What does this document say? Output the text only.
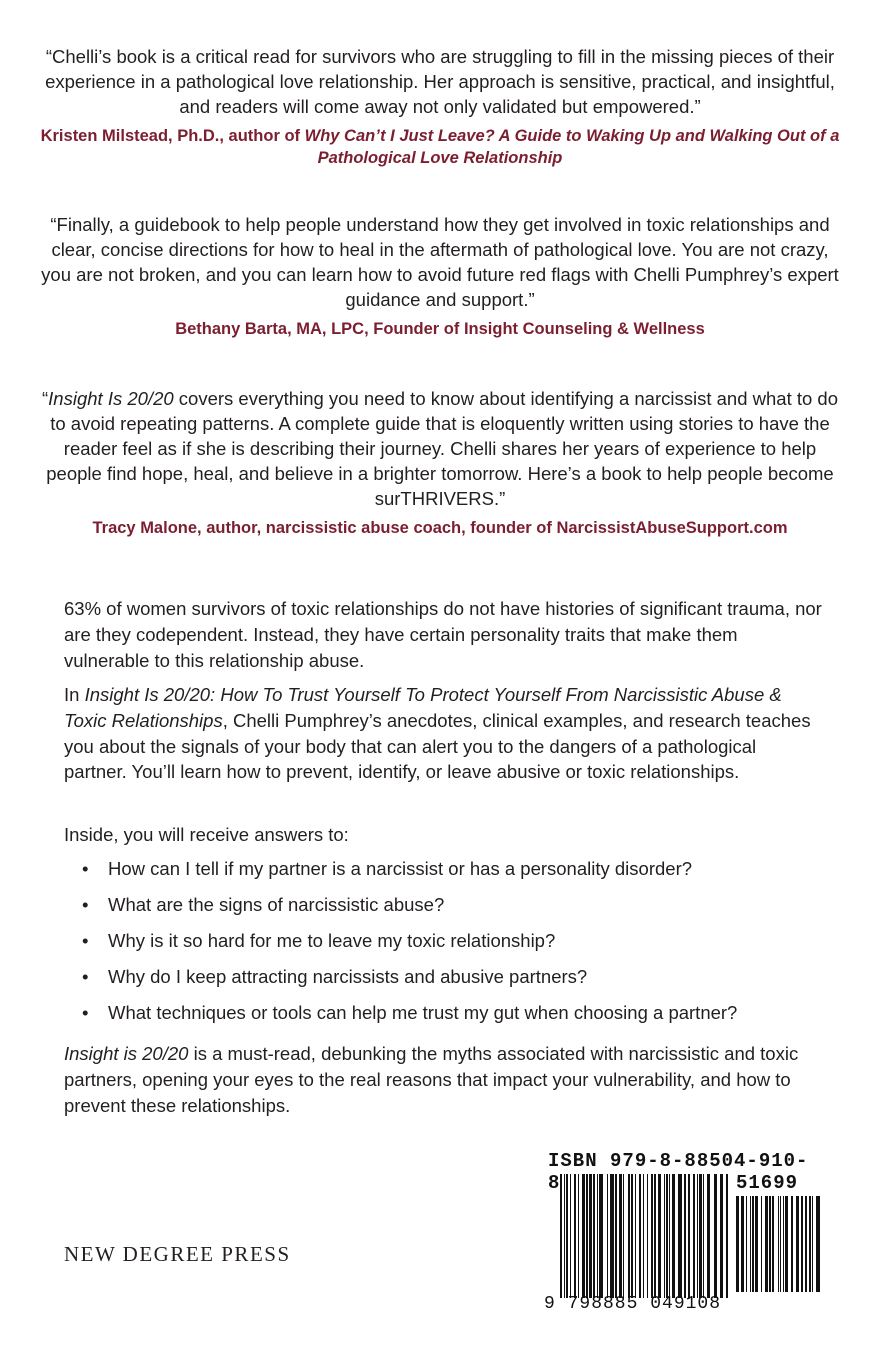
“Chelli’s book is a critical read for survivors who are struggling to fill in the missing pieces of their experience in a pathological love relationship. Her approach is sensitive, practical, and insightful, and readers will come away not only validated but empowered.”

Kristen Milstead, Ph.D., author of Why Can’t I Just Leave? A Guide to Waking Up and Walking Out of a Pathological Love Relationship

“Finally, a guidebook to help people understand how they get involved in toxic relationships and clear, concise directions for how to heal in the aftermath of pathological love. You are not crazy, you are not broken, and you can learn how to avoid future red flags with Chelli Pumphrey’s expert guidance and support.”

Bethany Barta, MA, LPC, Founder of Insight Counseling & Wellness

“Insight Is 20/20 covers everything you need to know about identifying a narcissist and what to do to avoid repeating patterns. A complete guide that is eloquently written using stories to have the reader feel as if she is describing their journey. Chelli shares her years of experience to help people find hope, heal, and believe in a brighter tomorrow. Here’s a book to help people become surTHRIVERS.”

Tracy Malone, author, narcissistic abuse coach, founder of NarcissistAbuseSupport.com

63% of women survivors of toxic relationships do not have histories of significant trauma, nor are they codependent. Instead, they have certain personality traits that make them vulnerable to this relationship abuse.

In Insight Is 20/20: How To Trust Yourself To Protect Yourself From Narcissistic Abuse & Toxic Relationships, Chelli Pumphrey’s anecdotes, clinical examples, and research teaches you about the signals of your body that can alert you to the dangers of a pathological partner. You’ll learn how to prevent, identify, or leave abusive or toxic relationships.

Inside, you will receive answers to:

• How can I tell if my partner is a narcissist or has a personality disorder?
• What are the signs of narcissistic abuse?
• Why is it so hard for me to leave my toxic relationship?
• Why do I keep attracting narcissists and abusive partners?
• What techniques or tools can help me trust my gut when choosing a partner?

Insight is 20/20 is a must-read, debunking the myths associated with narcissistic and toxic partners, opening your eyes to the real reasons that impact your vulnerability, and how to prevent these relationships.

NEW DEGREE PRESS
ISBN 979-8-88504-910-8	51699
9 798885 049108
